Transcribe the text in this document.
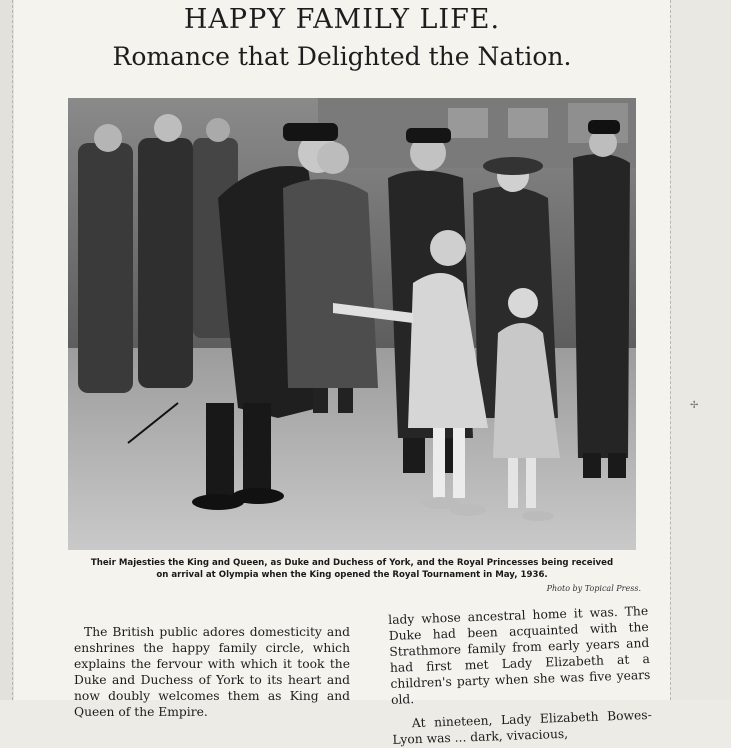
✢
HAPPY FAMILY LIFE.
Romance that Delighted the Nation.
Their Majesties the King and Queen, as Duke and Duchess of York, and the Royal Princesses being received
on arrival at Olympia when the King opened the Royal Tournament in May, 1936.
Photo by Topical Press.

The British public adores domesticity and enshrines the happy family circle, which explains the fervour with which it took the Duke and Duchess of York to its heart and now doubly welcomes them as King and Queen of the Empire.

lady whose ancestral home it was. The Duke had been acquainted with the Strathmore family from early years and had first met Lady Elizabeth at a children's party when she was five years old.

At nineteen, Lady Elizabeth Bowes-Lyon was ... dark, vivacious,
